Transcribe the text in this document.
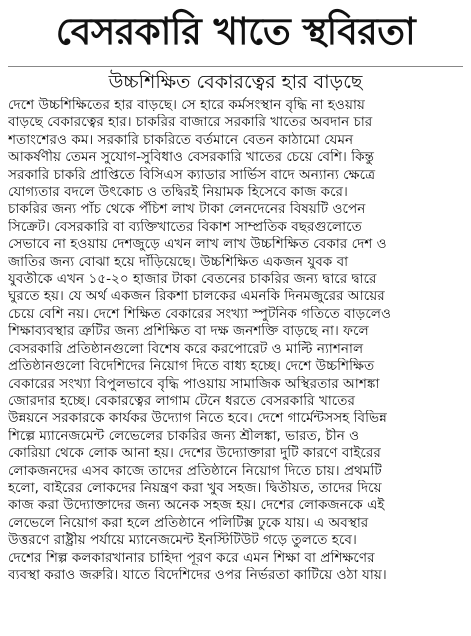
বেসরকারি খাতে স্থবিরতা
উচ্চশিক্ষিত বেকারত্বের হার বাড়ছে
দেশে উচ্চশিক্ষিতের হার বাড়ছে। সে হারে কর্মসংস্থান বৃদ্ধি না হওয়ায়
বাড়ছে বেকারত্বের হার। চাকরির বাজারে সরকারি খাতের অবদান চার
শতাংশেরও কম। সরকারি চাকরিতে বর্তমানে বেতন কাঠামো যেমন
আকর্ষণীয় তেমন সুযোগ-সুবিধাও বেসরকারি খাতের চেয়ে বেশি। কিন্তু
সরকারি চাকরি প্রাপ্তিতে বিসিএস ক্যাডার সার্ভিস বাদে অন্যান্য ক্ষেত্রে
যোগ্যতার বদলে উৎকোচ ও তদ্বিরই নিয়ামক হিসেবে কাজ করে।
চাকরির জন্য পাঁচ থেকে পঁচিশ লাখ টাকা লেনদেনের বিষয়টি ওপেন
সিক্রেট। বেসরকারি বা ব্যক্তিখাতের বিকাশ সাম্প্রতিক বছরগুলোতে
সেভাবে না হওয়ায় দেশজুড়ে এখন লাখ লাখ উচ্চশিক্ষিত বেকার দেশ ও
জাতির জন্য বোঝা হয়ে দাঁড়িয়েছে। উচ্চশিক্ষিত একজন যুবক বা
যুবতীকে এখন ১৫-২০ হাজার টাকা বেতনের চাকরির জন্য দ্বারে দ্বারে
ঘুরতে হয়। যে অর্থ একজন রিকশা চালকের এমনকি দিনমজুরের আয়ের
চেয়ে বেশি নয়। দেশে শিক্ষিত বেকারের সংখ্যা স্পুটনিক গতিতে বাড়লেও
শিক্ষাব্যবস্থার ত্রুটির জন্য প্রশিক্ষিত বা দক্ষ জনশক্তি বাড়ছে না। ফলে
বেসরকারি প্রতিষ্ঠানগুলো বিশেষ করে করপোরেট ও মাল্টি ন্যাশনাল
প্রতিষ্ঠানগুলো বিদেশিদের নিয়োগ দিতে বাধ্য হচ্ছে। দেশে উচ্চশিক্ষিত
বেকারের সংখ্যা বিপুলভাবে বৃদ্ধি পাওয়ায় সামাজিক অস্থিরতার আশঙ্কা
জোরদার হচ্ছে। বেকারত্বের লাগাম টেনে ধরতে বেসরকারি খাতের
উন্নয়নে সরকারকে কার্যকর উদ্যোগ নিতে হবে। দেশে গার্মেন্টসসহ বিভিন্ন
শিল্পে ম্যানেজমেন্ট লেভেলের চাকরির জন্য শ্রীলঙ্কা, ভারত, চীন ও
কোরিয়া থেকে লোক আনা হয়। দেশের উদ্যোক্তারা দুটি কারণে বাইরের
লোকজনদের এসব কাজে তাদের প্রতিষ্ঠানে নিয়োগ দিতে চায়। প্রথমটি
হলো, বাইরের লোকদের নিয়ন্ত্রণ করা খুব সহজ। দ্বিতীয়ত, তাদের দিয়ে
কাজ করা উদ্যোক্তাদের জন্য অনেক সহজ হয়। দেশের লোকজনকে এই
লেভেলে নিয়োগ করা হলে প্রতিষ্ঠানে পলিটিক্স ঢুকে যায়। এ অবস্থার
উত্তরণে রাষ্ট্রীয় পর্যায়ে ম্যানেজমেন্ট ইনস্টিটিউট গড়ে তুলতে হবে।
দেশের শিল্প কলকারখানার চাহিদা পূরণ করে এমন শিক্ষা বা প্রশিক্ষণের
ব্যবস্থা করাও জরুরি। যাতে বিদেশিদের ওপর নির্ভরতা কাটিয়ে ওঠা যায়।
